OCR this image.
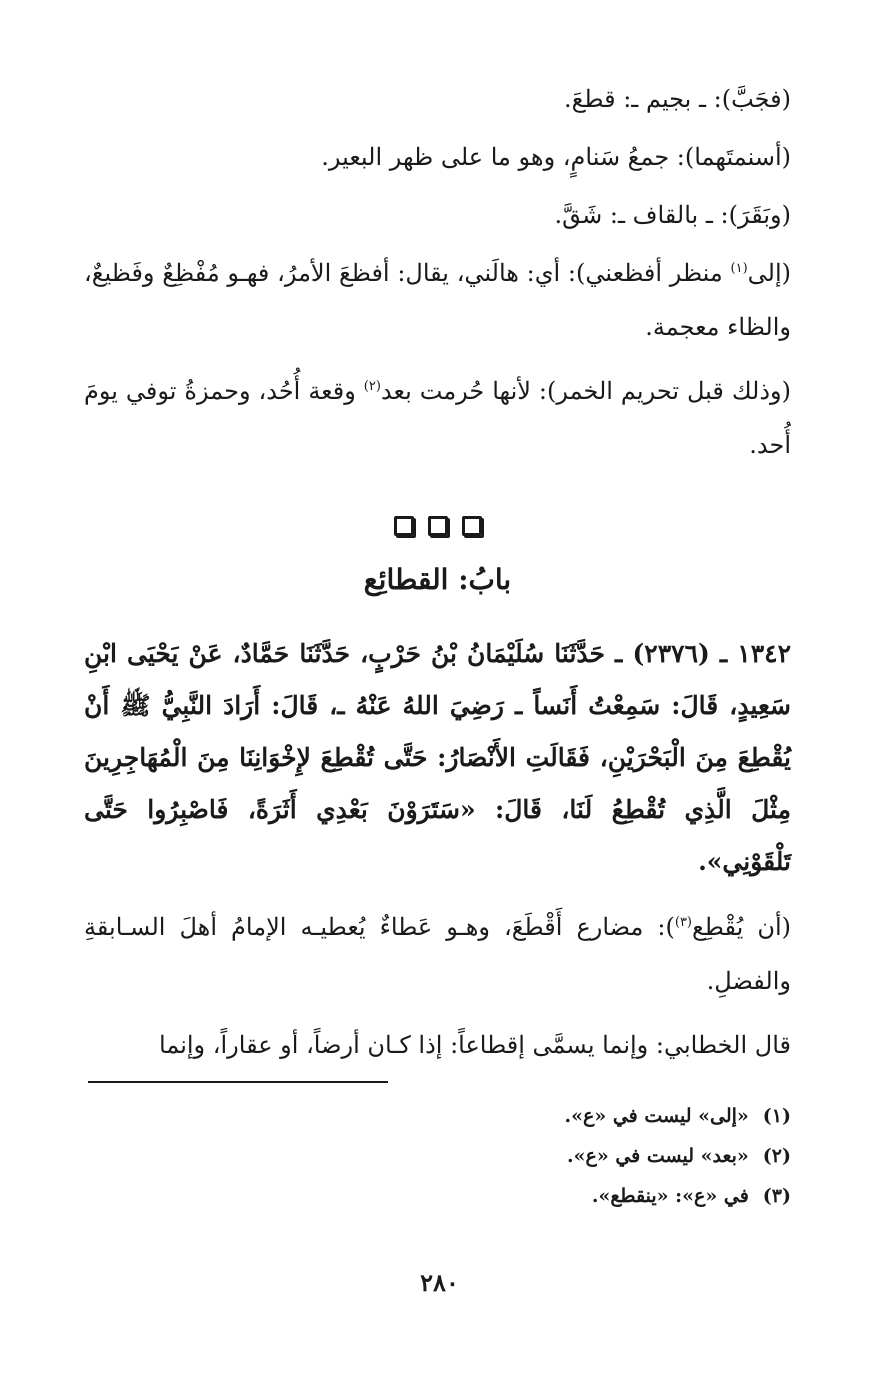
(فجَبَّ): ـ بجيم ـ: قطعَ.

(أسنمتَهما): جمعُ سَنامٍ، وهو ما على ظهر البعير.

(وبَقَرَ): ـ بالقاف ـ: شَقَّ.

(إلى$^{(١)}$ منظر أفظعني): أي: هالَني، يقال: أفظعَ الأمرُ، فهـو مُفْظِعٌ وفَظيعٌ، والظاء معجمة.

(وذلك قبل تحريم الخمر): لأنها حُرمت بعد$^{(٢)}$ وقعة أُحُد، وحمزةُ توفي يومَ أُحد.

بابُ: القطائِع

١٣٤٢ ـ (٢٣٧٦) ـ حَدَّثَنَا سُلَيْمَانُ بْنُ حَرْبٍ، حَدَّثَنَا حَمَّادٌ، عَنْ يَحْيَى ابْنِ سَعِيدٍ، قَالَ: سَمِعْتُ أَنَساً ـ رَضِيَ اللهُ عَنْهُ ـ، قَالَ: أَرَادَ النَّبِيُّ ﷺ أَنْ يُقْطِعَ مِنَ الْبَحْرَيْنِ، فَقَالَتِ الأَنْصَارُ: حَتَّى تُقْطِعَ لإِخْوَانِنَا مِنَ الْمُهَاجِرِينَ مِثْلَ الَّذِي تُقْطِعُ لَنَا، قَالَ: «سَتَرَوْنَ بَعْدِي أَثَرَةً، فَاصْبِرُوا حَتَّى تَلْقَوْنِي».

(أن يُقْطِع$^{(٣)}$): مضارع أَقْطَعَ، وهـو عَطاءٌ يُعطيـه الإمامُ أهلَ السـابقةِ والفضلِ.

قال الخطابي: وإنما يسمَّى إقطاعاً: إذا كـان أرضاً، أو عقاراً، وإنما

(١)
«إلى» ليست في «ع».
(٢)
«بعد» ليست في «ع».
(٣)
في «ع»: «ينقطع».
٢٨٠
